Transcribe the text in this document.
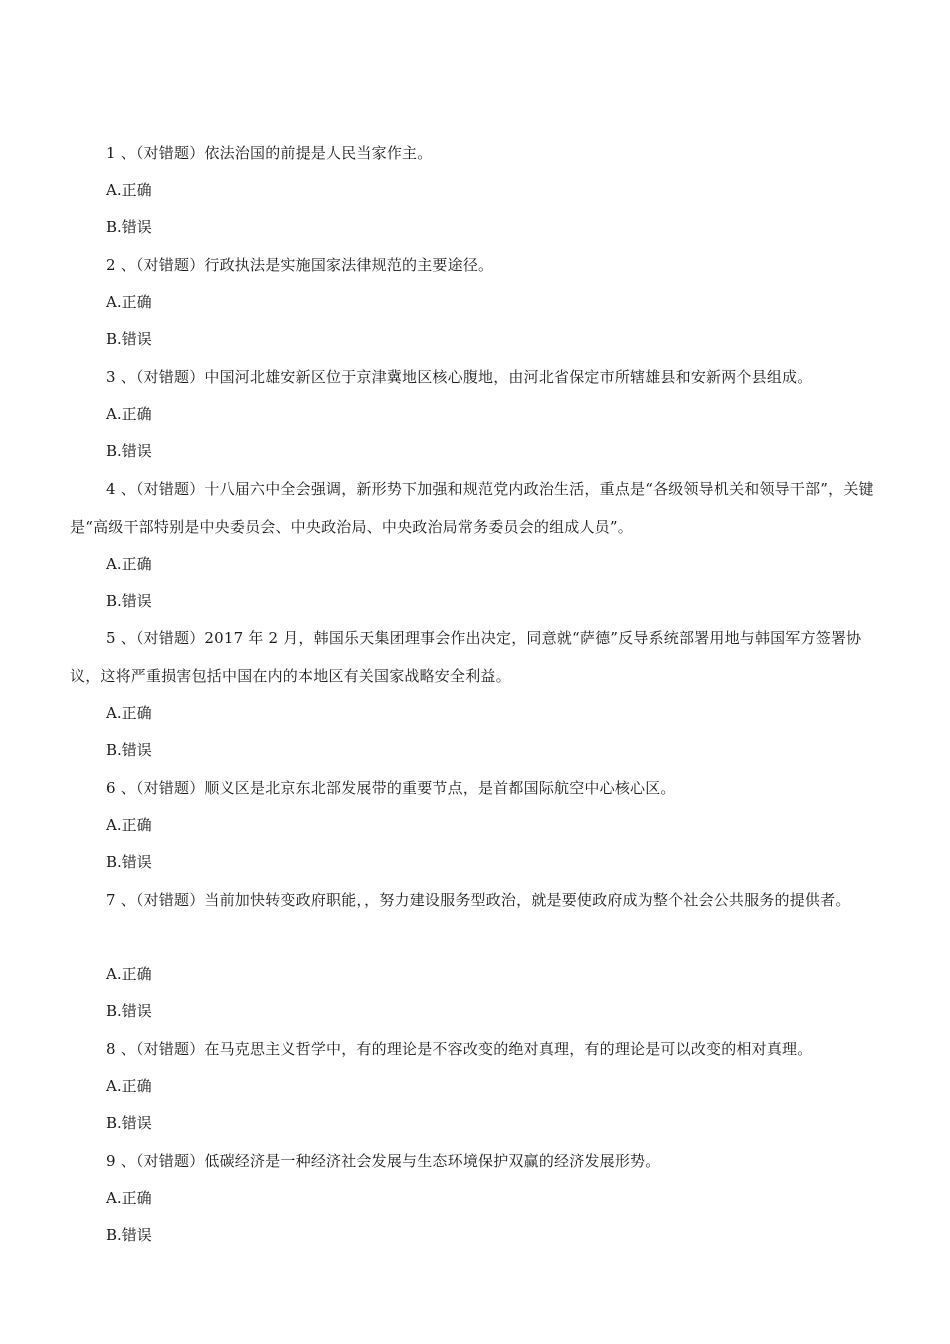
1 、（对错题）依法治国的前提是人民当家作主。
A.正确
B.错误
2 、（对错题）行政执法是实施国家法律规范的主要途径。
A.正确
B.错误
3 、（对错题）中国河北雄安新区位于京津冀地区核心腹地，由河北省保定市所辖雄县和安新两个县组成。
A.正确
B.错误
4 、（对错题）十八届六中全会强调，新形势下加强和规范党内政治生活，重点是“各级领导机关和领导干部”，关键是“高级干部特别是中央委员会、中央政治局、中央政治局常务委员会的组成人员”。
A.正确
B.错误
5 、（对错题）2017 年 2 月，韩国乐天集团理事会作出决定，同意就“萨德”反导系统部署用地与韩国军方签署协议，这将严重损害包括中国在内的本地区有关国家战略安全利益。
A.正确
B.错误
6 、（对错题）顺义区是北京东北部发展带的重要节点，是首都国际航空中心核心区。
A.正确
B.错误
7 、（对错题）当前加快转变政府职能，，努力建设服务型政治，就是要使政府成为整个社会公共服务的提供者。
A.正确
B.错误
8 、（对错题）在马克思主义哲学中，有的理论是不容改变的绝对真理，有的理论是可以改变的相对真理。
A.正确
B.错误
9 、（对错题）低碳经济是一种经济社会发展与生态环境保护双赢的经济发展形势。
A.正确
B.错误
